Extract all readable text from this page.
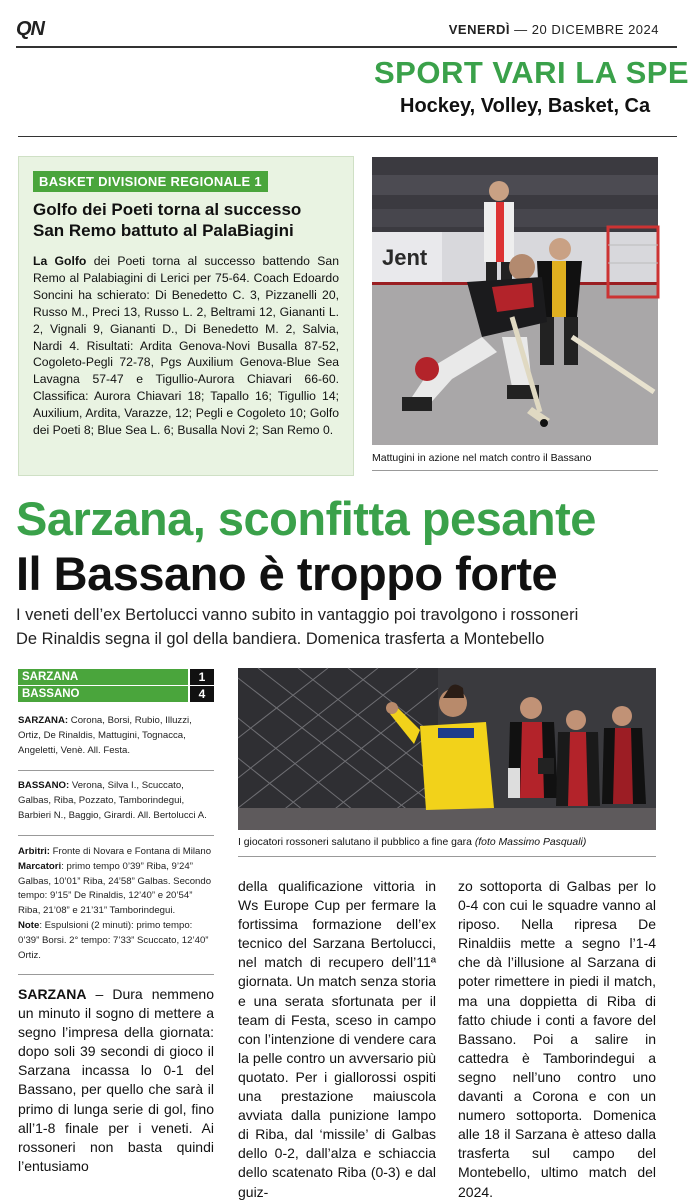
QN	VENERDÌ — 20 DICEMBRE 2024
SPORT VARI LA SPE
Hockey, Volley, Basket, Ca
BASKET DIVISIONE REGIONALE 1
Golfo dei Poeti torna al successo
San Remo battuto al PalaBiagini

La Golfo dei Poeti torna al successo battendo San Remo al Palabiagini di Lerici per 75-64. Coach Edoardo Soncini ha schierato: Di Benedetto C. 3, Pizzanelli 20, Russo M., Preci 13, Russo L. 2, Beltrami 12, Giananti L. 2, Vignali 9, Giananti D., Di Benedetto M. 2, Salvia, Nardi 4. Risultati: Ardita Genova-Novi Busalla 87-52, Cogoleto-Pegli 72-78, Pgs Auxilium Genova-Blue Sea Lavagna 57-47 e Tigullio-Aurora Chiavari 66-60. Classifica: Aurora Chiavari 18; Tapallo 16; Tigullio 14; Auxilium, Ardita, Varazze, 12; Pegli e Cogoleto 10; Golfo dei Poeti 8; Blue Sea L. 6; Busalla Novi 2; San Remo 0.

Jent
Mattugini in azione nel match contro il Bassano
Sarzana, sconfitta pesante
Il Bassano è troppo forte
I veneti dell’ex Bertolucci vanno subito in vantaggio poi travolgono i rossoneri
De Rinaldis segna il gol della bandiera. Domenica trasferta a Montebello
SARZANA	1
BASSANO	4
SARZANA: Corona, Borsi, Rubio, Illuzzi, Ortiz, De Rinaldis, Mattugini, Tognacca, Angeletti, Venè. All. Festa.
BASSANO: Verona, Silva I., Scuccato, Galbas, Riba, Pozzato, Tamborindegui, Barbieri N., Baggio, Girardi. All. Bertolucci A.
Arbitri: Fronte di Novara e Fontana di Milano
Marcatori: primo tempo 0’39” Riba, 9’24” Galbas, 10’01” Riba, 24’58” Galbas. Secondo tempo: 9’15” De Rinaldis, 12’40” e 20’54” Riba, 21’08” e 21’31” Tamborindegui.
Note: Espulsioni (2 minuti): primo tempo: 0’39” Borsi. 2° tempo: 7’33” Scuccato, 12’40” Ortiz.
I giocatori rossoneri salutano il pubblico a fine gara (foto Massimo Pasquali)

SARZANA – Dura nemmeno un minuto il sogno di mettere a segno l’impresa della giornata: dopo soli 39 secondi di gioco il Sarzana incassa lo 0-1 del Bassano, per quello che sarà il primo di lunga serie di gol, fino all’1-8 finale per i veneti. Ai rossoneri non basta quindi l’entusiamo

della qualificazione vittoria in Ws Europe Cup per fermare la fortissima formazione dell’ex tecnico del Sarzana Bertolucci, nel match di recupero dell’11ª giornata. Un match senza storia e una serata sfortunata per il team di Festa, sceso in campo con l’intenzione di vendere cara la pelle contro un avversario più quotato. Per i giallorossi ospiti una prestazione maiuscola avviata dalla punizione lampo di Riba, dal ‘missile’ di Galbas dello 0-2, dall’alza e schiaccia dello scatenato Riba (0-3) e dal guiz-

zo sottoporta di Galbas per lo 0-4 con cui le squadre vanno al riposo. Nella ripresa De Rinaldiis mette a segno l’1-4 che dà l’illusione al Sarzana di poter rimettere in piedi il match, ma una doppietta di Riba di fatto chiude i conti a favore del Bassano. Poi a salire in cattedra è Tamborindegui a segno nell’uno contro uno davanti a Corona e con un numero sottoporta. Domenica alle 18 il Sarzana è atteso dalla trasferta sul campo del Montebello, ultimo match del 2024.
